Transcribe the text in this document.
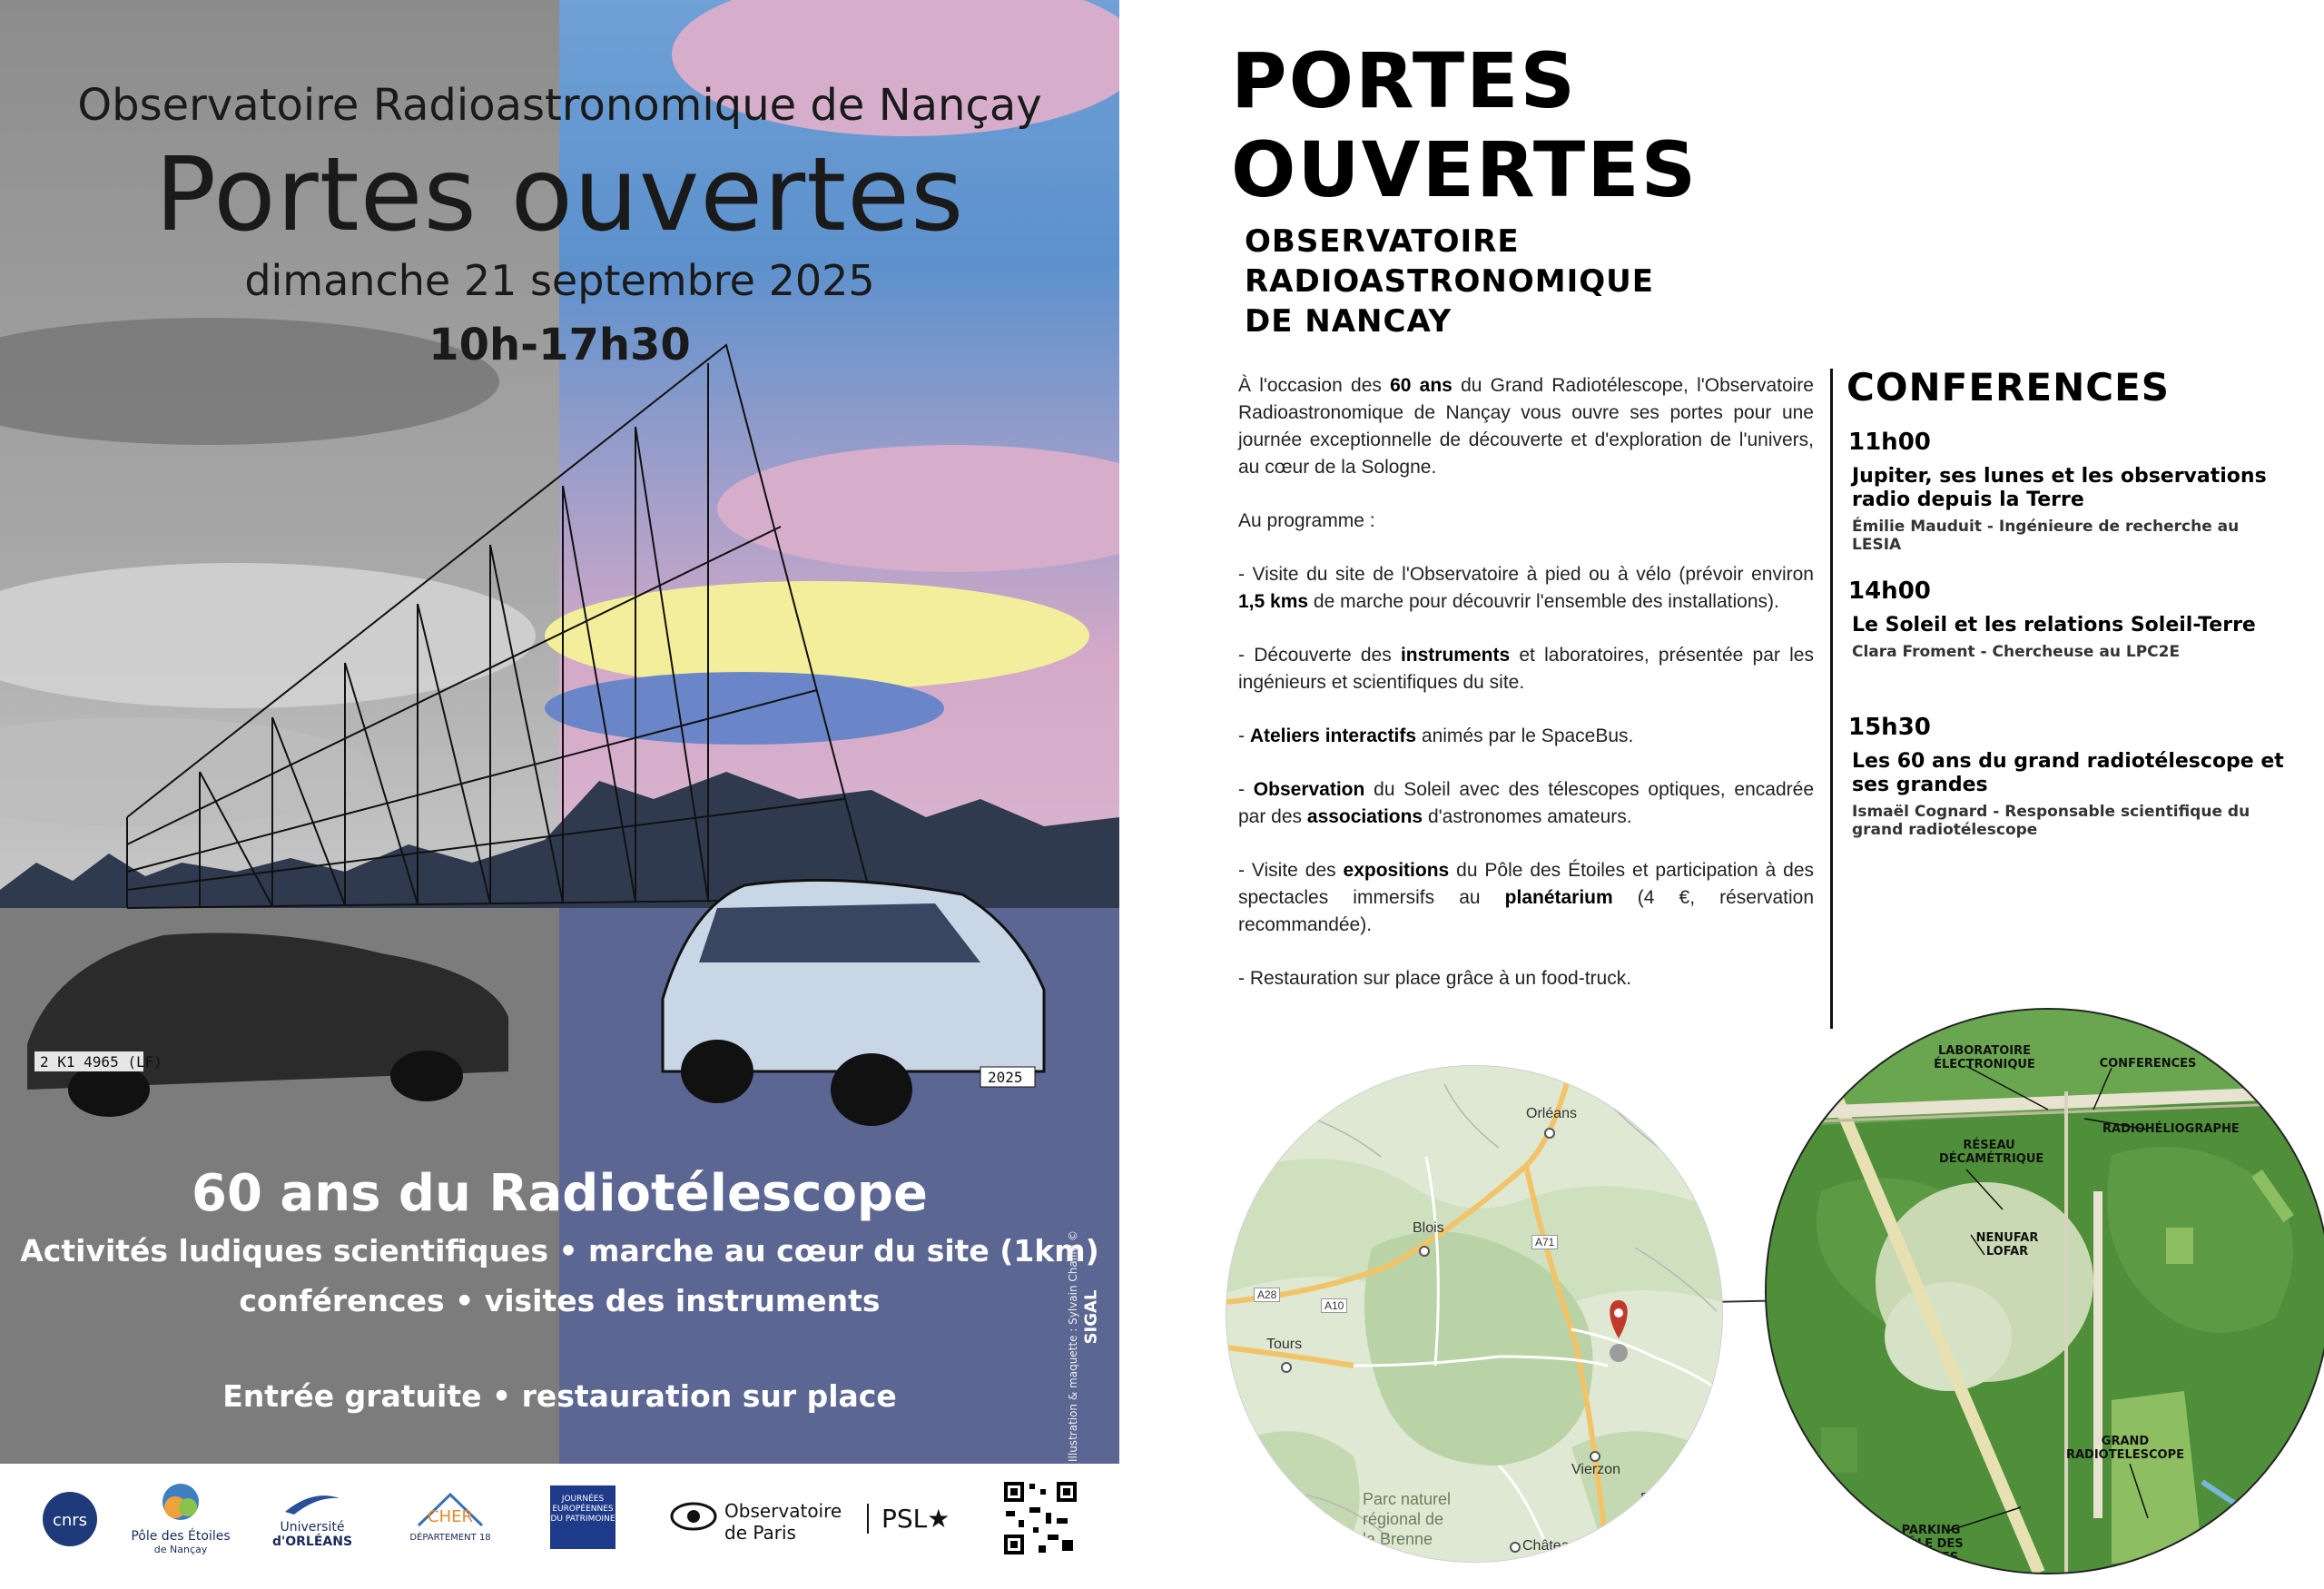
2 K1 4965 (LF)
2025
Observatoire Radioastronomique de Nançay
Portes ouvertes
dimanche 21 septembre 2025
10h-17h30
60 ans du Radiotélescope
Activités ludiques scientifiques • marche au cœur du site (1km)
conférences • visites des instruments
Entrée gratuite • restauration sur place
SIGAL
cnrs
Pôle des Étoiles
de Nançay
Université
d'ORLÉANS
CHER
DÉPARTEMENT 18
JOURNÉES EUROPÉENNES DU PATRIMOINE	Observatoire
de Paris	PSL★
PORTES
OUVERTES
OBSERVATOIRE
RADIOASTRONOMIQUE
DE NANCAY

À l'occasion des 60 ans du Grand Radiotélescope, l'Observatoire Radioastronomique de Nançay vous ouvre ses portes pour une journée exceptionnelle de découverte et d'exploration de l'univers, au cœur de la Sologne.

Au programme :

- Visite du site de l'Observatoire à pied ou à vélo (prévoir environ 1,5 kms de marche pour découvrir l'ensemble des installations).

- Découverte des instruments et laboratoires, présentée par les ingénieurs et scientifiques du site.

- Ateliers interactifs animés par le SpaceBus.

- Observation du Soleil avec des télescopes optiques, encadrée par des associations d'astronomes amateurs.

- Visite des expositions du Pôle des Étoiles et participation à des spectacles immersifs au planétarium (4 €, réservation recommandée).

- Restauration sur place grâce à un food-truck.

CONFERENCES
11h00
Jupiter, ses lunes et les observations radio depuis la Terre
Émilie Mauduit - Ingénieure de recherche au LESIA
14h00
Le Soleil et les relations Soleil-Terre
Clara Froment - Chercheuse au LPC2E
15h30
Les 60 ans du grand radiotélescope et ses grandes
Ismaël Cognard - Responsable scientifique du grand radiotélescope
Orléans
Blois
Tours
Vierzon
Bourges
Châteauroux
A28
A10
A71
A71
Parc naturel
régional de
la Brenne
LABORATOIRE ÉLECTRONIQUE	CONFERENCES
RADIOHÉLIOGRAPHE
RÉSEAU DÉCAMÉTRIQUE
NENUFAR LOFAR
GRAND RADIOTELESCOPE
PARKING PÔLE DES ÉTOILES
